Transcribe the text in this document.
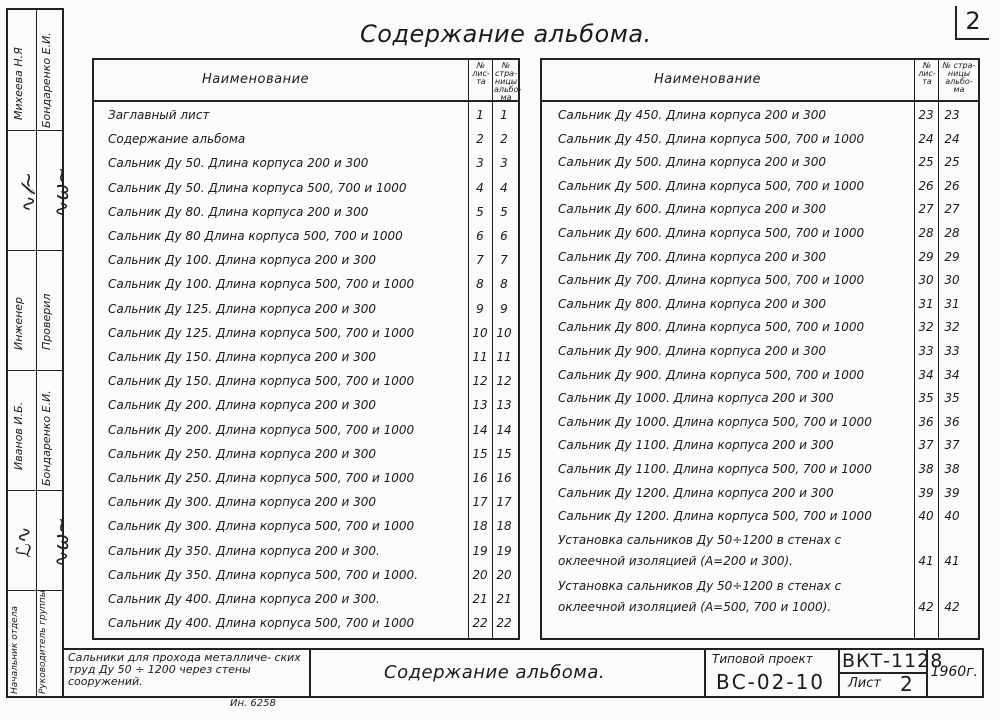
Содержание альбома.	2
Михеева Н.Я Бондаренко Е.И.
∿𝓁~ ∿ѡ~
Инженер Проверил
Иванов И.Б. Бондаренко Е.И.
ℒ∿ ∿ѡ~
Начальник отдела Руководитель группы
Наименование
№ лис- та
№ стра- ницы альбо- ма
Заглавный лист	1	1
Содержание альбома	2	2
Сальник Ду 50. Длина корпуса 200 и 300	3	3
Сальник Ду 50. Длина корпуса 500, 700 и 1000	4	4
Сальник Ду 80. Длина корпуса 200 и 300	5	5
Сальник Ду 80 Длина корпуса 500, 700 и 1000	6	6
Сальник Ду 100. Длина корпуса 200 и 300	7	7
Сальник Ду 100. Длина корпуса 500, 700 и 1000	8	8
Сальник Ду 125. Длина корпуса 200 и 300	9	9
Сальник Ду 125. Длина корпуса 500, 700 и 1000	10 10
Сальник Ду 150. Длина корпуса 200 и 300	11 11
Сальник Ду 150. Длина корпуса 500, 700 и 1000	12 12
Сальник Ду 200. Длина корпуса 200 и 300	13 13
Сальник Ду 200. Длина корпуса 500, 700 и 1000	14 14
Сальник Ду 250. Длина корпуса 200 и 300	15 15
Сальник Ду 250. Длина корпуса 500, 700 и 1000	16 16
Сальник Ду 300. Длина корпуса 200 и 300	17 17
Сальник Ду 300. Длина корпуса 500, 700 и 1000	18 18
Сальник Ду 350. Длина корпуса 200 и 300.	19 19
Сальник Ду 350. Длина корпуса 500, 700 и 1000.	20 20
Сальник Ду 400. Длина корпуса 200 и 300.	21 21
Сальник Ду 400. Длина корпуса 500, 700 и 1000	22 22
Наименование
№ лис- та
№ стра- ницы альбо- ма
Сальник Ду 450. Длина корпуса 200 и 300	23 23
Сальник Ду 450. Длина корпуса 500, 700 и 1000	24 24
Сальник Ду 500. Длина корпуса 200 и 300	25 25
Сальник Ду 500. Длина корпуса 500, 700 и 1000	26 26
Сальник Ду 600. Длина корпуса 200 и 300	27 27
Сальник Ду 600. Длина корпуса 500, 700 и 1000	28 28
Сальник Ду 700. Длина корпуса 200 и 300	29 29
Сальник Ду 700. Длина корпуса 500, 700 и 1000	30 30
Сальник Ду 800. Длина корпуса 200 и 300	31 31
Сальник Ду 800. Длина корпуса 500, 700 и 1000	32 32
Сальник Ду 900. Длина корпуса 200 и 300	33 33
Сальник Ду 900. Длина корпуса 500, 700 и 1000	34 34
Сальник Ду 1000. Длина корпуса 200 и 300	35 35
Сальник Ду 1000. Длина корпуса 500, 700 и 1000	36 36
Сальник Ду 1100. Длина корпуса 200 и 300	37 37
Сальник Ду 1100. Длина корпуса 500, 700 и 1000	38 38
Сальник Ду 1200. Длина корпуса 200 и 300	39 39
Сальник Ду 1200. Длина корпуса 500, 700 и 1000	40 40
Установка сальников Ду 50÷1200 в стенах с
оклеечной изоляцией (А=200 и 300).	41 41
Установка сальников Ду 50÷1200 в стенах с
оклеечной изоляцией (А=500, 700 и 1000).	42 42
Сальники для прохода металличе- ских труд Ду 50 ÷ 1200 через стены сооружений.	Содержание альбома.
Типовой проект
ВС-02-10
ВКТ-1128
Лист 2 1960г.
Ин. 6258
